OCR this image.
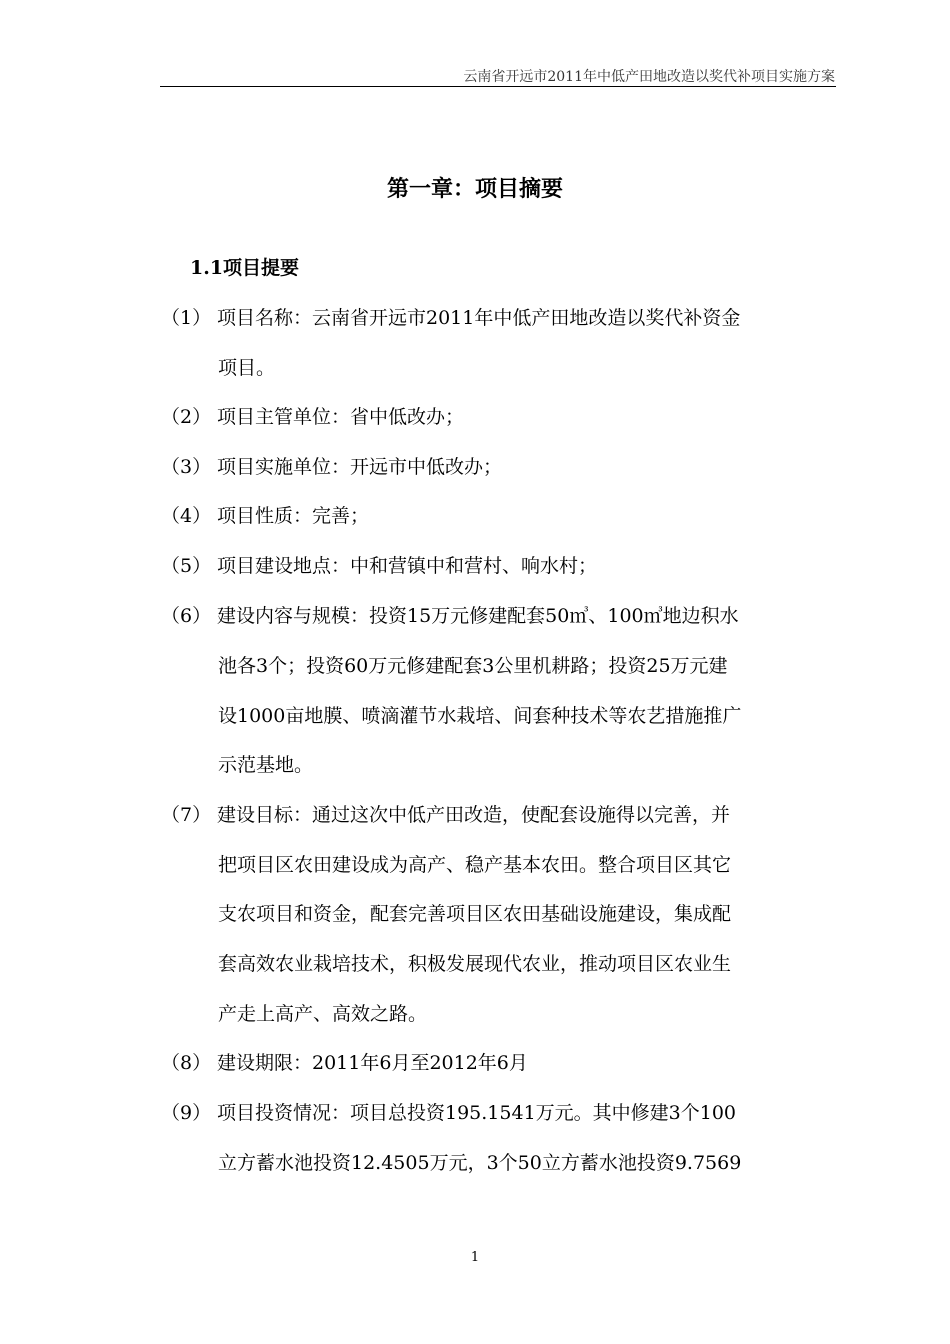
云南省开远市2011年中低产田地改造以奖代补项目实施方案
第一章：项目摘要
1.1项目提要
（1） 项目名称：云南省开远市2011年中低产田地改造以奖代补资金
项目。
（2） 项目主管单位：省中低改办；
（3） 项目实施单位：开远市中低改办；
（4） 项目性质：完善；
（5） 项目建设地点：中和营镇中和营村、响水村；
（6） 建设内容与规模：投资15万元修建配套50㎥、100㎥地边积水
池各3个；投资60万元修建配套3公里机耕路；投资25万元建
设1000亩地膜、喷滴灌节水栽培、间套种技术等农艺措施推广
示范基地。
（7） 建设目标：通过这次中低产田改造，使配套设施得以完善，并
把项目区农田建设成为高产、稳产基本农田。整合项目区其它
支农项目和资金，配套完善项目区农田基础设施建设，集成配
套高效农业栽培技术，积极发展现代农业，推动项目区农业生
产走上高产、高效之路。
（8） 建设期限：2011年6月至2012年6月
（9） 项目投资情况：项目总投资195.1541万元。其中修建3个100
立方蓄水池投资12.4505万元，3个50立方蓄水池投资9.7569
1
